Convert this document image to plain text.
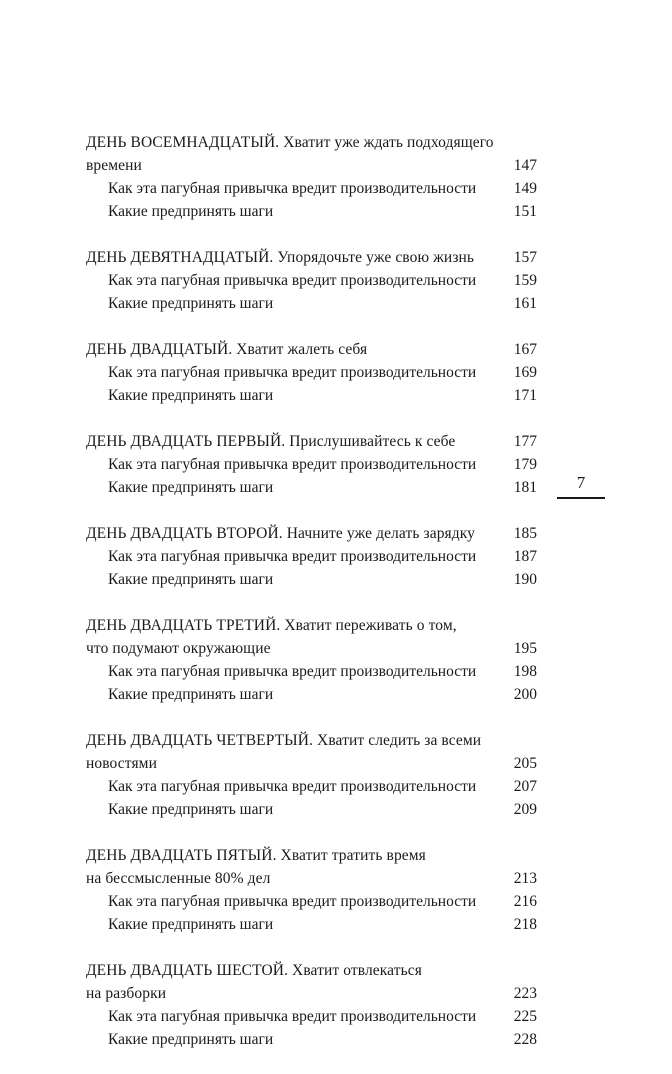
ДЕНЬ ВОСЕМНАДЦАТЫЙ. Хватит уже ждать подходящего
времени	147
Как эта пагубная привычка вредит производительности 149
Какие предпринять шаги	151
ДЕНЬ ДЕВЯТНАДЦАТЫЙ. Упорядочьте уже свою жизнь	157
Как эта пагубная привычка вредит производительности 159
Какие предпринять шаги	161
ДЕНЬ ДВАДЦАТЫЙ. Хватит жалеть себя	167
Как эта пагубная привычка вредит производительности 169
Какие предпринять шаги	171
ДЕНЬ ДВАДЦАТЬ ПЕРВЫЙ. Прислушивайтесь к себе	177
Как эта пагубная привычка вредит производительности 179
Какие предпринять шаги	181
ДЕНЬ ДВАДЦАТЬ ВТОРОЙ. Начните уже делать зарядку 185
Как эта пагубная привычка вредит производительности 187
Какие предпринять шаги	190
ДЕНЬ ДВАДЦАТЬ ТРЕТИЙ. Хватит переживать о том,
что подумают окружающие	195
Как эта пагубная привычка вредит производительности 198
Какие предпринять шаги	200
ДЕНЬ ДВАДЦАТЬ ЧЕТВЕРТЫЙ. Хватит следить за всеми
новостями	205
Как эта пагубная привычка вредит производительности 207
Какие предпринять шаги	209
ДЕНЬ ДВАДЦАТЬ ПЯТЫЙ. Хватит тратить время
на бессмысленные 80% дел	213
Как эта пагубная привычка вредит производительности 216
Какие предпринять шаги	218
ДЕНЬ ДВАДЦАТЬ ШЕСТОЙ. Хватит отвлекаться
на разборки	223
Как эта пагубная привычка вредит производительности 225
Какие предпринять шаги	228
7
